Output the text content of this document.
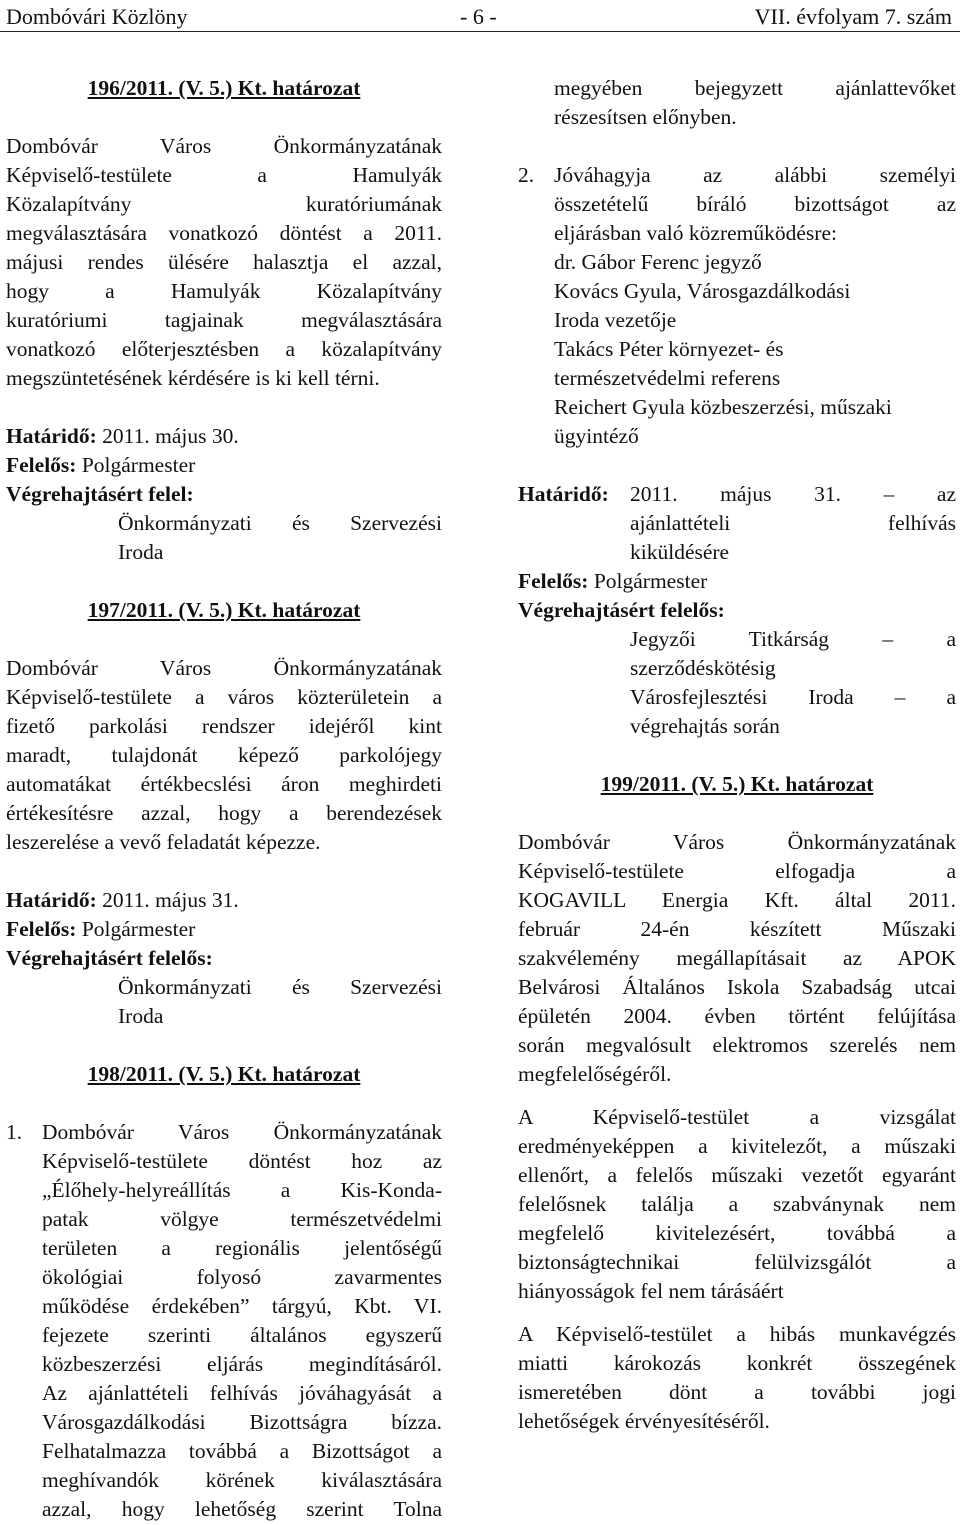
Dombóvári Közlöny	- 6 -	VII. évfolyam 7. szám

196/2011. (V. 5.) Kt. határozat

Dombóvár Város Önkormányzatának

Képviselő-testülete a Hamulyák

Közalapítvány kuratóriumának

megválasztására vonatkozó döntést a 2011.

májusi rendes ülésére halasztja el azzal,

hogy a Hamulyák Közalapítvány

kuratóriumi tagjainak megválasztására

vonatkozó előterjesztésben a közalapítvány

megszüntetésének kérdésére is ki kell térni.

Határidő: 2011. május 30.

Felelős: Polgármester

Végrehajtásért felel:

Önkormányzati és Szervezési

Iroda

197/2011. (V. 5.) Kt. határozat

Dombóvár Város Önkormányzatának

Képviselő-testülete a város közterületein a

fizető parkolási rendszer idejéről kint

maradt, tulajdonát képező parkolójegy

automatákat értékbecslési áron meghirdeti

értékesítésre azzal, hogy a berendezések

leszerelése a vevő feladatát képezze.

Határidő: 2011. május 31.

Felelős: Polgármester

Végrehajtásért felelős:

Önkormányzati és Szervezési

Iroda

198/2011. (V. 5.) Kt. határozat

1. Dombóvár Város Önkormányzatának

Képviselő-testülete döntést hoz az

„Élőhely-helyreállítás a Kis-Konda-

patak völgye természetvédelmi

területen a regionális jelentőségű

ökológiai folyosó zavarmentes

működése érdekében” tárgyú, Kbt. VI.

fejezete szerinti általános egyszerű

közbeszerzési eljárás megindításáról.

Az ajánlattételi felhívás jóváhagyását a

Városgazdálkodási Bizottságra bízza.

Felhatalmazza továbbá a Bizottságot a

meghívandók körének kiválasztására

azzal, hogy lehetőség szerint Tolna

megyében bejegyzett ajánlattevőket

részesítsen előnyben.

2. Jóváhagyja az alábbi személyi

összetételű bíráló bizottságot az

eljárásban való közreműködésre:

dr. Gábor Ferenc jegyző

Kovács Gyula, Városgazdálkodási

Iroda vezetője

Takács Péter környezet- és

természetvédelmi referens

Reichert Gyula közbeszerzési, műszaki

ügyintéző

Határidő: 2011. május 31. – az

ajánlattételi felhívás

kiküldésére

Felelős: Polgármester

Végrehajtásért felelős:

Jegyzői Titkárság – a

szerződéskötésig

Városfejlesztési Iroda – a

végrehajtás során

199/2011. (V. 5.) Kt. határozat

Dombóvár Város Önkormányzatának

Képviselő-testülete elfogadja a

KOGAVILL Energia Kft. által 2011.

február 24-én készített Műszaki

szakvélemény megállapításait az APOK

Belvárosi Általános Iskola Szabadság utcai

épületén 2004. évben történt felújítása

során megvalósult elektromos szerelés nem

megfelelőségéről.

A Képviselő-testület a vizsgálat

eredményeképpen a kivitelezőt, a műszaki

ellenőrt, a felelős műszaki vezetőt egyaránt

felelősnek találja a szabványnak nem

megfelelő kivitelezésért, továbbá a

biztonságtechnikai felülvizsgálót a

hiányosságok fel nem tárásáért

A Képviselő-testület a hibás munkavégzés

miatti károkozás konkrét összegének

ismeretében dönt a további jogi

lehetőségek érvényesítéséről.
